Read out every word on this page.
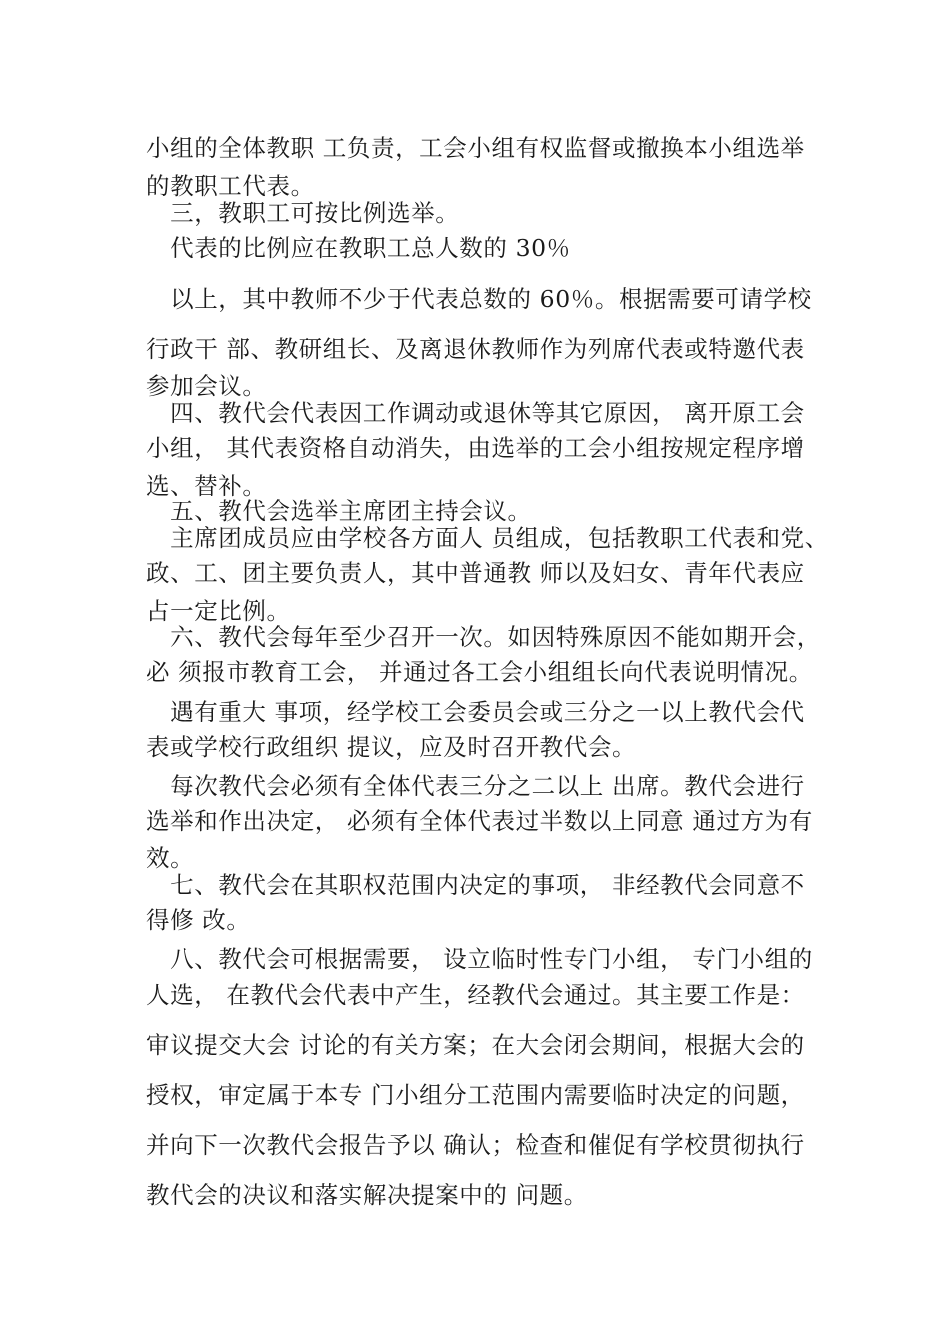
小组的全体教职 工负责，工会小组有权监督或撤换本小组选举
的教职工代表。
　三，教职工可按比例选举。
　代表的比例应在教职工总人数的 30％
　以上，其中教师不少于代表总数的 60％。根据需要可请学校
行政干 部、教研组长、及离退休教师作为列席代表或特邀代表
参加会议。
　四、教代会代表因工作调动或退休等其它原因， 离开原工会
小组， 其代表资格自动消失，由选举的工会小组按规定程序增
选、替补。
　五、教代会选举主席团主持会议。
　主席团成员应由学校各方面人 员组成，包括教职工代表和党、
政、工、团主要负责人，其中普通教 师以及妇女、青年代表应
占一定比例。
　六、教代会每年至少召开一次。如因特殊原因不能如期开会，
必 须报市教育工会， 并通过各工会小组组长向代表说明情况。
　遇有重大 事项，经学校工会委员会或三分之一以上教代会代
表或学校行政组织 提议，应及时召开教代会。
　每次教代会必须有全体代表三分之二以上 出席。教代会进行
选举和作出决定， 必须有全体代表过半数以上同意 通过方为有
效。
　七、教代会在其职权范围内决定的事项， 非经教代会同意不
得修 改。
　八、教代会可根据需要， 设立临时性专门小组， 专门小组的
人选， 在教代会代表中产生，经教代会通过。其主要工作是：
审议提交大会 讨论的有关方案；在大会闭会期间，根据大会的
授权，审定属于本专 门小组分工范围内需要临时决定的问题，
并向下一次教代会报告予以 确认；检查和催促有学校贯彻执行
教代会的决议和落实解决提案中的 问题。
